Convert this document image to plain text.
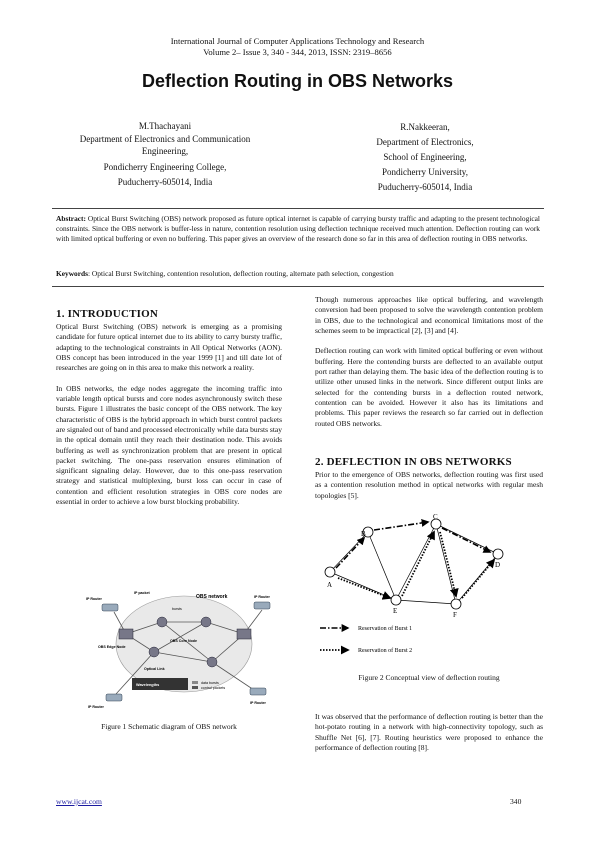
International Journal of Computer Applications Technology and Research
Volume 2– Issue 3, 340 - 344, 2013, ISSN: 2319–8656
Deflection Routing in OBS Networks
M.Thachayani
Department of Electronics and Communication Engineering,
Pondicherry Engineering College,
Puducherry-605014, India
R.Nakkeeran,
Department of Electronics,
School of Engineering,
Pondicherry University,
Puducherry-605014, India
Abstract: Optical Burst Switching (OBS) network proposed as future optical internet is capable of carrying bursty traffic and adapting to the present technological constraints. Since the OBS network is buffer-less in nature, contention resolution using deflection technique received much attention. Deflection routing can work with limited optical buffering or even no buffering. This paper gives an overview of the research done so far in this area of deflection routing in OBS networks.
Keywords: Optical Burst Switching, contention resolution, deflection routing, alternate path selection, congestion
1. INTRODUCTION

Optical Burst Switching (OBS) network is emerging as a promising candidate for future optical internet due to its ability to carry bursty traffic, adapting to the technological constraints in All Optical Networks (AON). OBS concept has been introduced in the year 1999 [1] and till date lot of researches are going on in this area to make this network a reality.

In OBS networks, the edge nodes aggregate the incoming traffic into variable length optical bursts and core nodes asynchronously switch these bursts. Figure 1 illustrates the basic concept of the OBS network. The key characteristic of OBS is the hybrid approach in which burst control packets are signaled out of band and processed electronically while data bursts stay in the optical domain until they reach their destination node. This avoids buffering as well as synchronization problem that are present in optical packet switching. The one-pass reservation ensures elimination of significant signaling delay. However, due to this one-pass reservation strategy and statistical multiplexing, burst loss can occur in case of contention and efficient resolution strategies in OBS core nodes are essential in order to achieve a low burst blocking probability.

OBS network
IP Router	IP Router
IP Router
IP Router
IP packet
bursts
OBS Edge Node
OBS Core Node
Optical Link
Wavelengths	data bursts
control packets
Figure 1 Schematic diagram of OBS network

Though numerous approaches like optical buffering, and wavelength conversion had been proposed to solve the wavelength contention problem in OBS, due to the technological and economical limitations most of the schemes seem to be impractical [2], [3] and [4].

Deflection routing can work with limited optical buffering or even without buffering. Here the contending bursts are deflected to an available output port rather than delaying them. The basic idea of the deflection routing is to utilize other unused links in the network. Since different output links are selected for the contending bursts in a deflection routed network, contention can be avoided. However it also has its limitations and problems. This paper reviews the research so far carried out in deflection routed OBS networks.

2. DEFLECTION IN OBS NETWORKS

Prior to the emergence of OBS networks, deflection routing was first used as a contention resolution method in optical networks with regular mesh topologies [5].

A
B
C
D
E	F
Reservation of Burst 1
Reservation of Burst 2
Figure 2 Conceptual view of deflection routing

It was observed that the performance of deflection routing is better than the hot-potato routing in a network with high-connectivity topology, such as Shuffle Net [6], [7]. Routing heuristics were proposed to enhance the performance of deflection routing [8].

www.ijcat.com	340
